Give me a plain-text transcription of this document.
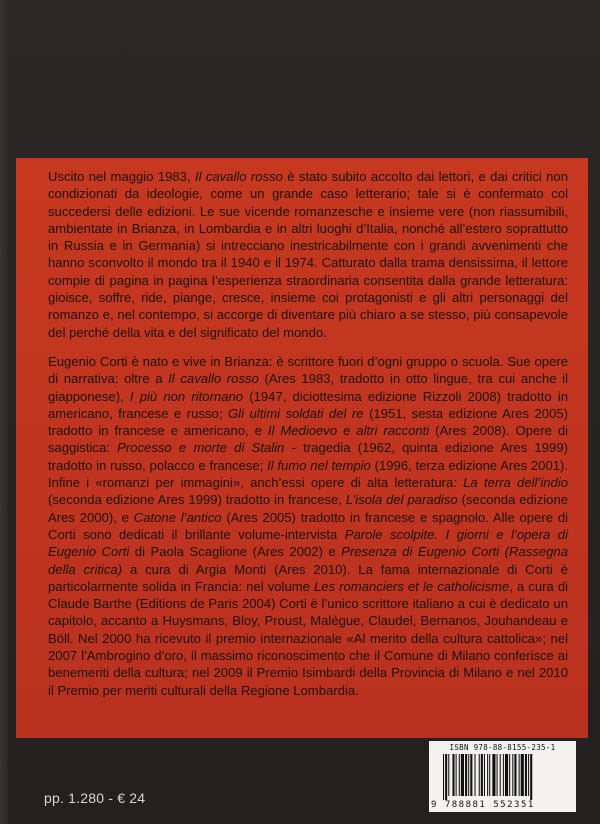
Uscito nel maggio 1983, Il cavallo rosso è stato subito accolto dai lettori, e dai critici non condizionati da ideologie, come un grande caso letterario; tale si è confermato col succedersi delle edizioni. Le sue vicende romanzesche e insieme vere (non riassumibili, ambientate in Brianza, in Lombardia e in altri luoghi d’Italia, nonché all’estero soprattutto in Russia e in Germania) si intrecciano inestricabilmente con i grandi avvenimenti che hanno sconvolto il mondo tra il 1940 e il 1974. Catturato dalla trama densissima, il lettore compie di pagina in pagina l’esperienza straordinaria consentita dalla grande letteratura: gioisce, soffre, ride, piange, cresce, insieme coi protagonisti e gli altri personaggi del romanzo e, nel contempo, si accorge di diventare più chiaro a se stesso, più consapevole del perché della vita e del significato del mondo.

Eugenio Corti è nato e vive in Brianza: è scrittore fuori d’ogni gruppo o scuola. Sue opere di narrativa: oltre a Il cavallo rosso (Ares 1983, tradotto in otto lingue, tra cui anche il giapponese), I più non ritornano (1947, diciottesima edizione Rizzoli 2008) tradotto in americano, francese e russo; Gli ultimi soldati del re (1951, sesta edizione Ares 2005) tradotto in francese e americano, e Il Medioevo e altri racconti (Ares 2008). Opere di saggistica: Processo e morte di Stalin - tragedia (1962, quinta edizione Ares 1999) tradotto in russo, polacco e francese; Il fumo nel tempio (1996, terza edizione Ares 2001). Infine i «romanzi per immagini», anch’essi opere di alta letteratura: La terra dell’indio (seconda edizione Ares 1999) tradotto in francese, L’isola del paradiso (seconda edizione Ares 2000), e Catone l’antico (Ares 2005) tradotto in francese e spagnolo. Alle opere di Corti sono dedicati il brillante volume-intervista Parole scolpite. I giorni e l’opera di Eugenio Corti di Paola Scaglione (Ares 2002) e Presenza di Eugenio Corti (Rassegna della critica) a cura di Argia Monti (Ares 2010). La fama internazionale di Corti è particolarmente solida in Francia: nel volume Les romanciers et le catholicisme, a cura di Claude Barthe (Editions de Paris 2004) Corti è l’unico scrittore italiano a cui è dedicato un capitolo, accanto a Huysmans, Bloy, Proust, Malègue, Claudel, Bernanos, Jouhandeau e Böll. Nel 2000 ha ricevuto il premio internazionale «Al merito della cultura cattolica»; nel 2007 l’Ambrogino d’oro, il massimo riconoscimento che il Comune di Milano conferisce ai benemeriti della cultura; nel 2009 il Premio Isimbardi della Provincia di Milano e nel 2010 il Premio per meriti culturali della Regione Lombardia.

ISBN 978-88-8155-235-1
9 788881 552351
pp. 1.280 - € 24
